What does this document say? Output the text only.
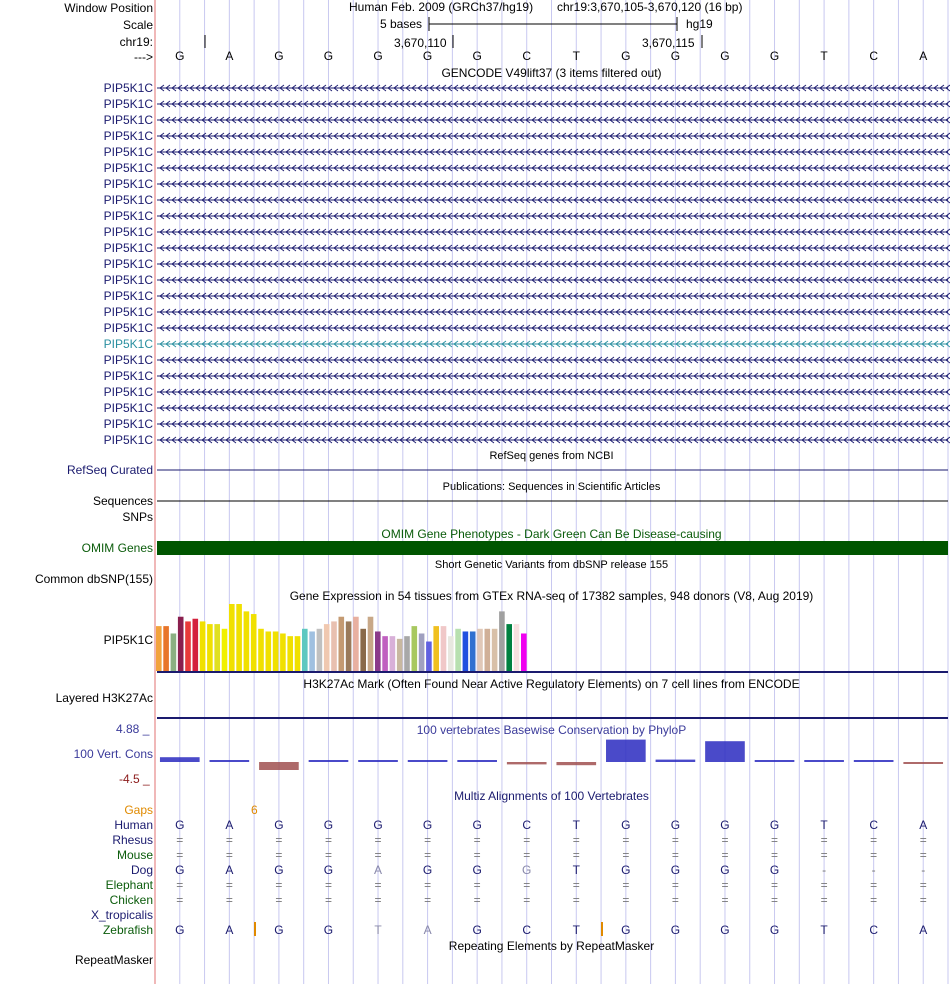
Window Position	Human Feb. 2009 (GRCh37/hg19) chr19:3,670,105-3,670,120 (16 bp)
Scale	5 bases	hg19
chr19:	3,670,110	3,670,115
---> G	A	G	G	G	G	G	C	T	G	G	G	G	T	C	A
GENCODE V49lift37 (3 items filtered out)
PIP5K1C
PIP5K1C
PIP5K1C
PIP5K1C
PIP5K1C
PIP5K1C
PIP5K1C
PIP5K1C
PIP5K1C
PIP5K1C
PIP5K1C
PIP5K1C
PIP5K1C
PIP5K1C
PIP5K1C
PIP5K1C
PIP5K1C
PIP5K1C
PIP5K1C
PIP5K1C
PIP5K1C
PIP5K1C
PIP5K1C
RefSeq genes from NCBI
RefSeq Curated
Publications: Sequences in Scientific Articles
Sequences
SNPs
OMIM Gene Phenotypes - Dark Green Can Be Disease-causing
OMIM Genes
Short Genetic Variants from dbSNP release 155
Common dbSNP(155)
Gene Expression in 54 tissues from GTEx RNA-seq of 17382 samples, 948 donors (V8, Aug 2019)
PIP5K1C
H3K27Ac Mark (Often Found Near Active Regulatory Elements) on 7 cell lines from ENCODE
Layered H3K27Ac
100 vertebrates Basewise Conservation by PhyloP
100 Vert. Cons
4.88 _
-4.5 _
Multiz Alignments of 100 Vertebrates
Gaps	6
Human G	A	G	G	G	G	G	C	T	G	G	G	G	T	C	A
Rhesus =	=	=	=	=	=	=	=	=	=	=	=	=	=	=	=
Mouse =	=	=	=	=	=	=	=	=	=	=	=	=	=	=	=
Dog G	A	G	G	A	G	G	G	T	G	G	G	G	-	-	-
Elephant =	=	=	=	=	=	=	=	=	=	=	=	=	=	=	=
Chicken =	=	=	=	=	=	=	=	=	=	=	=	=	=	=	=
X_tropicalis
Zebrafish G	A	G	G	T	A	G	C	T	G	G	G	G	T	C	A
Repeating Elements by RepeatMasker
RepeatMasker
